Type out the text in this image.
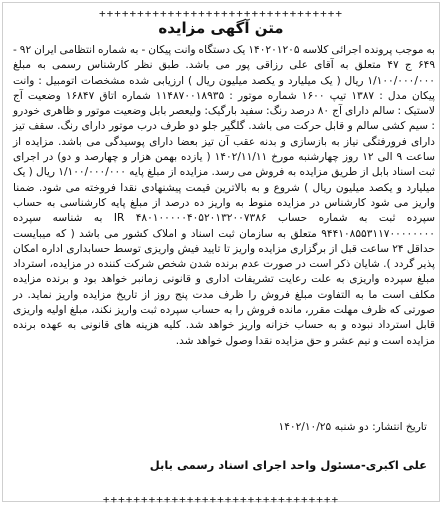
++++++++++++++++++++++++++++++++
متن آگهی مزایده
به موجب پرونده اجرائی کلاسه ۱۴۰۲۰۱۲۰۵ یک دستگاه وانت پیکان - به شماره انتظامی ایران ۹۲ - ۶۴۹ ج ۴۷ متعلق به آقای علی رزاقی پور می باشد. طبق نظر کارشناس رسمی به مبلغ ۱/۱۰۰/۰۰۰/۰۰۰ ریال ( یک میلیارد و یکصد میلیون ریال ) ارزیابی شده مشخصات اتومبیل : وانت پیکان مدل : ۱۳۸۷ تیپ ۱۶۰۰ شماره موتور : ۱۱۴۸۷۰۰۱۸۹۳۵ شماره اتاق ۱۶۸۴۷ وضعیت آج لاستیک : سالم دارای آج ۸۰ درصد رنگ: سفید بارگیک: ولیعصر بابل وضعیت موتور و ظاهری خودرو : سیم کشی سالم و قابل حرکت می باشد. گلگیر جلو دو طرف درب موتور دارای رنگ. سقف تیز دارای فرورفتگی نیاز به بازسازی و بدنه عقب آن تیز بعضا دارای پوسیدگی می باشد. مزایده از ساعت ۹ الی ۱۲ روز چهارشنبه مورخ ۱۴۰۲/۱۱/۱۱ ( یازده بهمن هزار و چهارصد و دو) در اجرای ثبت اسناد بابل از طریق مزایده به فروش می رسد. مزایده از مبلغ پایه ۱/۱۰۰/۰۰۰/۰۰۰ ریال ( یک میلیارد و یکصد میلیون ریال ) شروع و به بالاترین قیمت پیشنهادی نقدا فروخته می شود. ضمنا واریز می شود کارشناس در مزایده منوط به واریز ده درصد از مبلغ پایه کارشناسی به حساب سپرده ثبت به شماره حساب IR ۴۸۰۱۰۰۰۰۰۴۰۵۲۰۱۳۲۰۰۷۳۸۶ به شناسه سپرده ۹۴۴۱۰۸۵۵۳۱۱۷۰۰۰۰۰۰۰۰ متعلق به سازمان ثبت اسناد و املاک کشور می باشد ( که میبایست حداقل ۲۴ ساعت قبل از برگزاری مزایده واریز تا تایید فیش واریزی توسط حسابداری اداره امکان پذیر گردد ). شایان ذکر است در صورت عدم برنده شدن شخص شرکت کننده در مزایده، استرداد مبلغ سپرده واریزی به علت رعایت تشریفات اداری و قانونی زمانبر خواهد بود و برنده مزایده مکلف است ما به التفاوت مبلغ فروش را ظرف مدت پنج روز از تاریخ مزایده واریز نماید. در صورتی که ظرف مهلت مقرر، مانده فروش را به حساب سپرده ثبت واریز نکند، مبلغ اولیه واریزی قابل استرداد نبوده و به حساب خزانه واریز خواهد شد. کلیه هزینه های قانونی به عهده برنده مزایده است و نیم عشر و حق مزایده نقدا وصول خواهد شد.
تاریخ انتشار: دو شنبه ۱۴۰۲/۱۰/۲۵
علی اکبری-مسئول واحد اجرای اسناد رسمی بابل
+++++++++++++++++++++++++++++++
